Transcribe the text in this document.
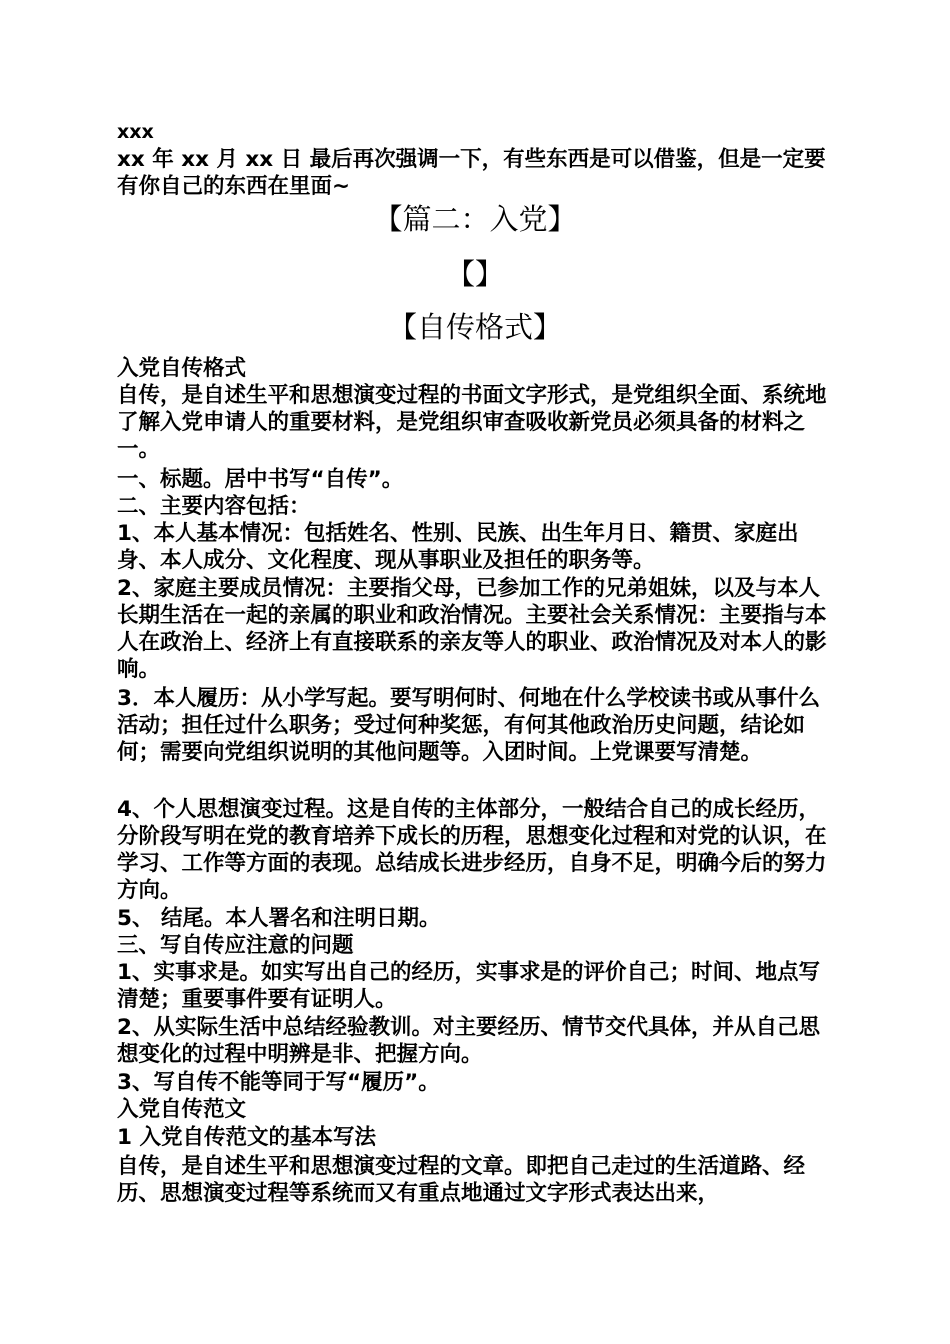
xxx

xx 年 xx 月 xx 日 最后再次强调一下，有些东西是可以借鉴，但是一定要有你自己的东西在里面~

【篇二：入党】
【】
【自传格式】

入党自传格式

自传，是自述生平和思想演变过程的书面文字形式，是党组织全面、系统地了解入党申请人的重要材料，是党组织审查吸收新党员必须具备的材料之一。

一、标题。居中书写“自传”。

二、主要内容包括：

1、本人基本情况：包括姓名、性别、民族、出生年月日、籍贯、家庭出身、本人成分、文化程度、现从事职业及担任的职务等。

2、家庭主要成员情况：主要指父母，已参加工作的兄弟姐妹，以及与本人长期生活在一起的亲属的职业和政治情况。主要社会关系情况：主要指与本人在政治上、经济上有直接联系的亲友等人的职业、政治情况及对本人的影响。

3．本人履历：从小学写起。要写明何时、何地在什么学校读书或从事什么活动；担任过什么职务；受过何种奖惩，有何其他政治历史问题，结论如何；需要向党组织说明的其他问题等。入团时间。上党课要写清楚。

4、个人思想演变过程。这是自传的主体部分，一般结合自己的成长经历，分阶段写明在党的教育培养下成长的历程，思想变化过程和对党的认识，在学习、工作等方面的表现。总结成长进步经历，自身不足，明确今后的努力方向。

5、 结尾。本人署名和注明日期。

三、写自传应注意的问题

1、实事求是。如实写出自己的经历，实事求是的评价自己；时间、地点写清楚；重要事件要有证明人。

2、从实际生活中总结经验教训。对主要经历、情节交代具体，并从自己思想变化的过程中明辨是非、把握方向。

3、写自传不能等同于写“履历”。

入党自传范文

1 入党自传范文的基本写法

自传，是自述生平和思想演变过程的文章。即把自己走过的生活道路、经历、思想演变过程等系统而又有重点地通过文字形式表达出来，
